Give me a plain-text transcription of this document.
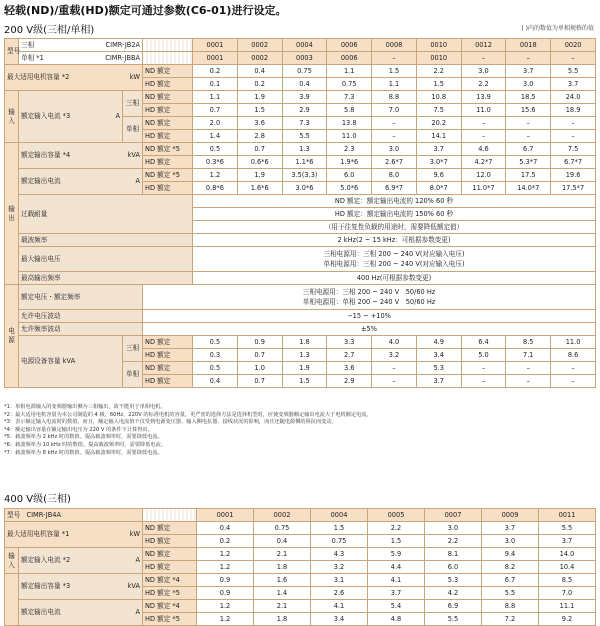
轻载(ND)/重载(HD)额定可通过参数(C6-01)进行设定。
200 V级(三相/单相)	( )内的数值为单相规格的值
型号	三相 CIMR-JB2A			0001	0002	0004	0006	0008	0010	0012	0018	0020
	单相 *1 CIMR-JBBA			0001	0002	0003	0006	–	0010	–	–	–
最大适用电机容量 *2 kW			ND 额定	0.2	0.4	0.75	1.1	1.5	2.2	3.0	3.7	5.5
			HD 额定	0.1	0.2	0.4	0.75	1.1	1.5	2.2	3.0	3.7
输入	额定输入电流 *3 A	三相	ND 额定	1.1	1.9	3.9	7.3	8.8	10.8	13.9	18.5	24.0
			HD 额定	0.7	1.5	2.9	5.8	7.0	7.5	11.0	15.6	18.9
		单相	ND 额定	2.0	3.6	7.3	13.8	–	20.2	–	–	–
			HD 额定	1.4	2.8	5.5	11.0	–	14.1	–	–	–
输出	额定输出容量 *4 kVA		ND 额定 *5	0.5	0.7	1.3	2.3	3.0	3.7	4.6	6.7	7.5
			HD 额定	0.3*6	0.6*6	1.1*6	1.9*6	2.6*7	3.0*7	4.2*7	5.3*7	6.7*7
	额定输出电流 A		ND 额定 *5	1.2	1.9	3.5(3.3)	6.0	8.0	9.6	12.0	17.5	19.6
			HD 额定	0.8*6	1.6*6	3.0*6	5.0*6	6.9*7	8.0*7	11.0*7	14.0*7	17.5*7
	过载耐量			ND 额定：额定输出电流的 120% 60 秒								
				HD 额定：额定输出电流的 150% 60 秒								
				（用于往复性负载的用途时，需要降低额定值）								
	载波频率			2 kHz(2 ~ 15 kHz：可根据参数变更)								
	最大输出电压			三相电源用：三相 200 ~ 240 V(对应输入电压)
单相电源用：三相 200 ~ 240 V(对应输入电压)								

	最高输出频率			400 Hz(可根据参数变更)								
电源	额定电压・额定频率		三相电源用：三相 200 ~ 240 V　50/60 Hz
单相电源用：单相 200 ~ 240 V　50/60 Hz									

	允许电压波动		−15 ~ +10%									
	允许频率波动		±5%									
	电源设备容量 kVA	三相	ND 额定	0.5	0.9	1.8	3.3	4.0	4.9	6.4	8.5	11.0
			HD 额定	0.3	0.7	1.3	2.7	3.2	3.4	5.0	7.1	8.6
		单相	ND 额定	0.5	1.0	1.9	3.6	–	5.3	–	–	–
			HD 额定	0.4	0.7	1.5	2.9	–	3.7	–	–	–
*1：单相电源输入的变频器输出侧为三相输出，故不能用于单相电机。
*2：最大适用电机容量为本公司制造的 4 极、60Hz、220V 的标准电机的容量。更严密的选择方法是选择机型时，应使变频器额定输出电流大于电机额定电流。
*3：表示额定输入电流时的数值。而且，额定输入电流值不仅受到电源变压器、输入侧电抗器、接线状况的影响，而且还随电源侧的阻抗而变动。
*4：额定输出容量在额定输出电压为 220 V 的条件下计算得出。
*5：载波频率为 2 kHz 时的数值。提高载波频率时，需要降低电流。
*6：载波频率为 10 kHz 时的数值。提高载波频率时，需要降低电流。
*7：载波频率为 8 kHz 时的数值。提高载波频率时，需要降低电流。
400 V级(三相)
型号 CIMR-JB4A			0001	0002	0004	0005	0007	0009	0011
最大适用电机容量 *1 kW		ND 额定	0.4	0.75	1.5	2.2	3.0	3.7	5.5
		HD 额定	0.2	0.4	0.75	1.5	2.2	3.0	3.7
输入	额定输入电流 *2 A	ND 额定	1.2	2.1	4.3	5.9	8.1	9.4	14.0
		HD 额定	1.2	1.8	3.2	4.4	6.0	8.2	10.4
	额定输出容量 *3 kVA	ND 额定 *4	0.9	1.6	3.1	4.1	5.3	6.7	8.5
		HD 额定 *5	0.9	1.4	2.6	3.7	4.2	5.5	7.0
	额定输出电流 A	ND 额定 *4	1.2	2.1	4.1	5.4	6.9	8.8	11.1
		HD 额定 *5	1.2	1.8	3.4	4.8	5.5	7.2	9.2
